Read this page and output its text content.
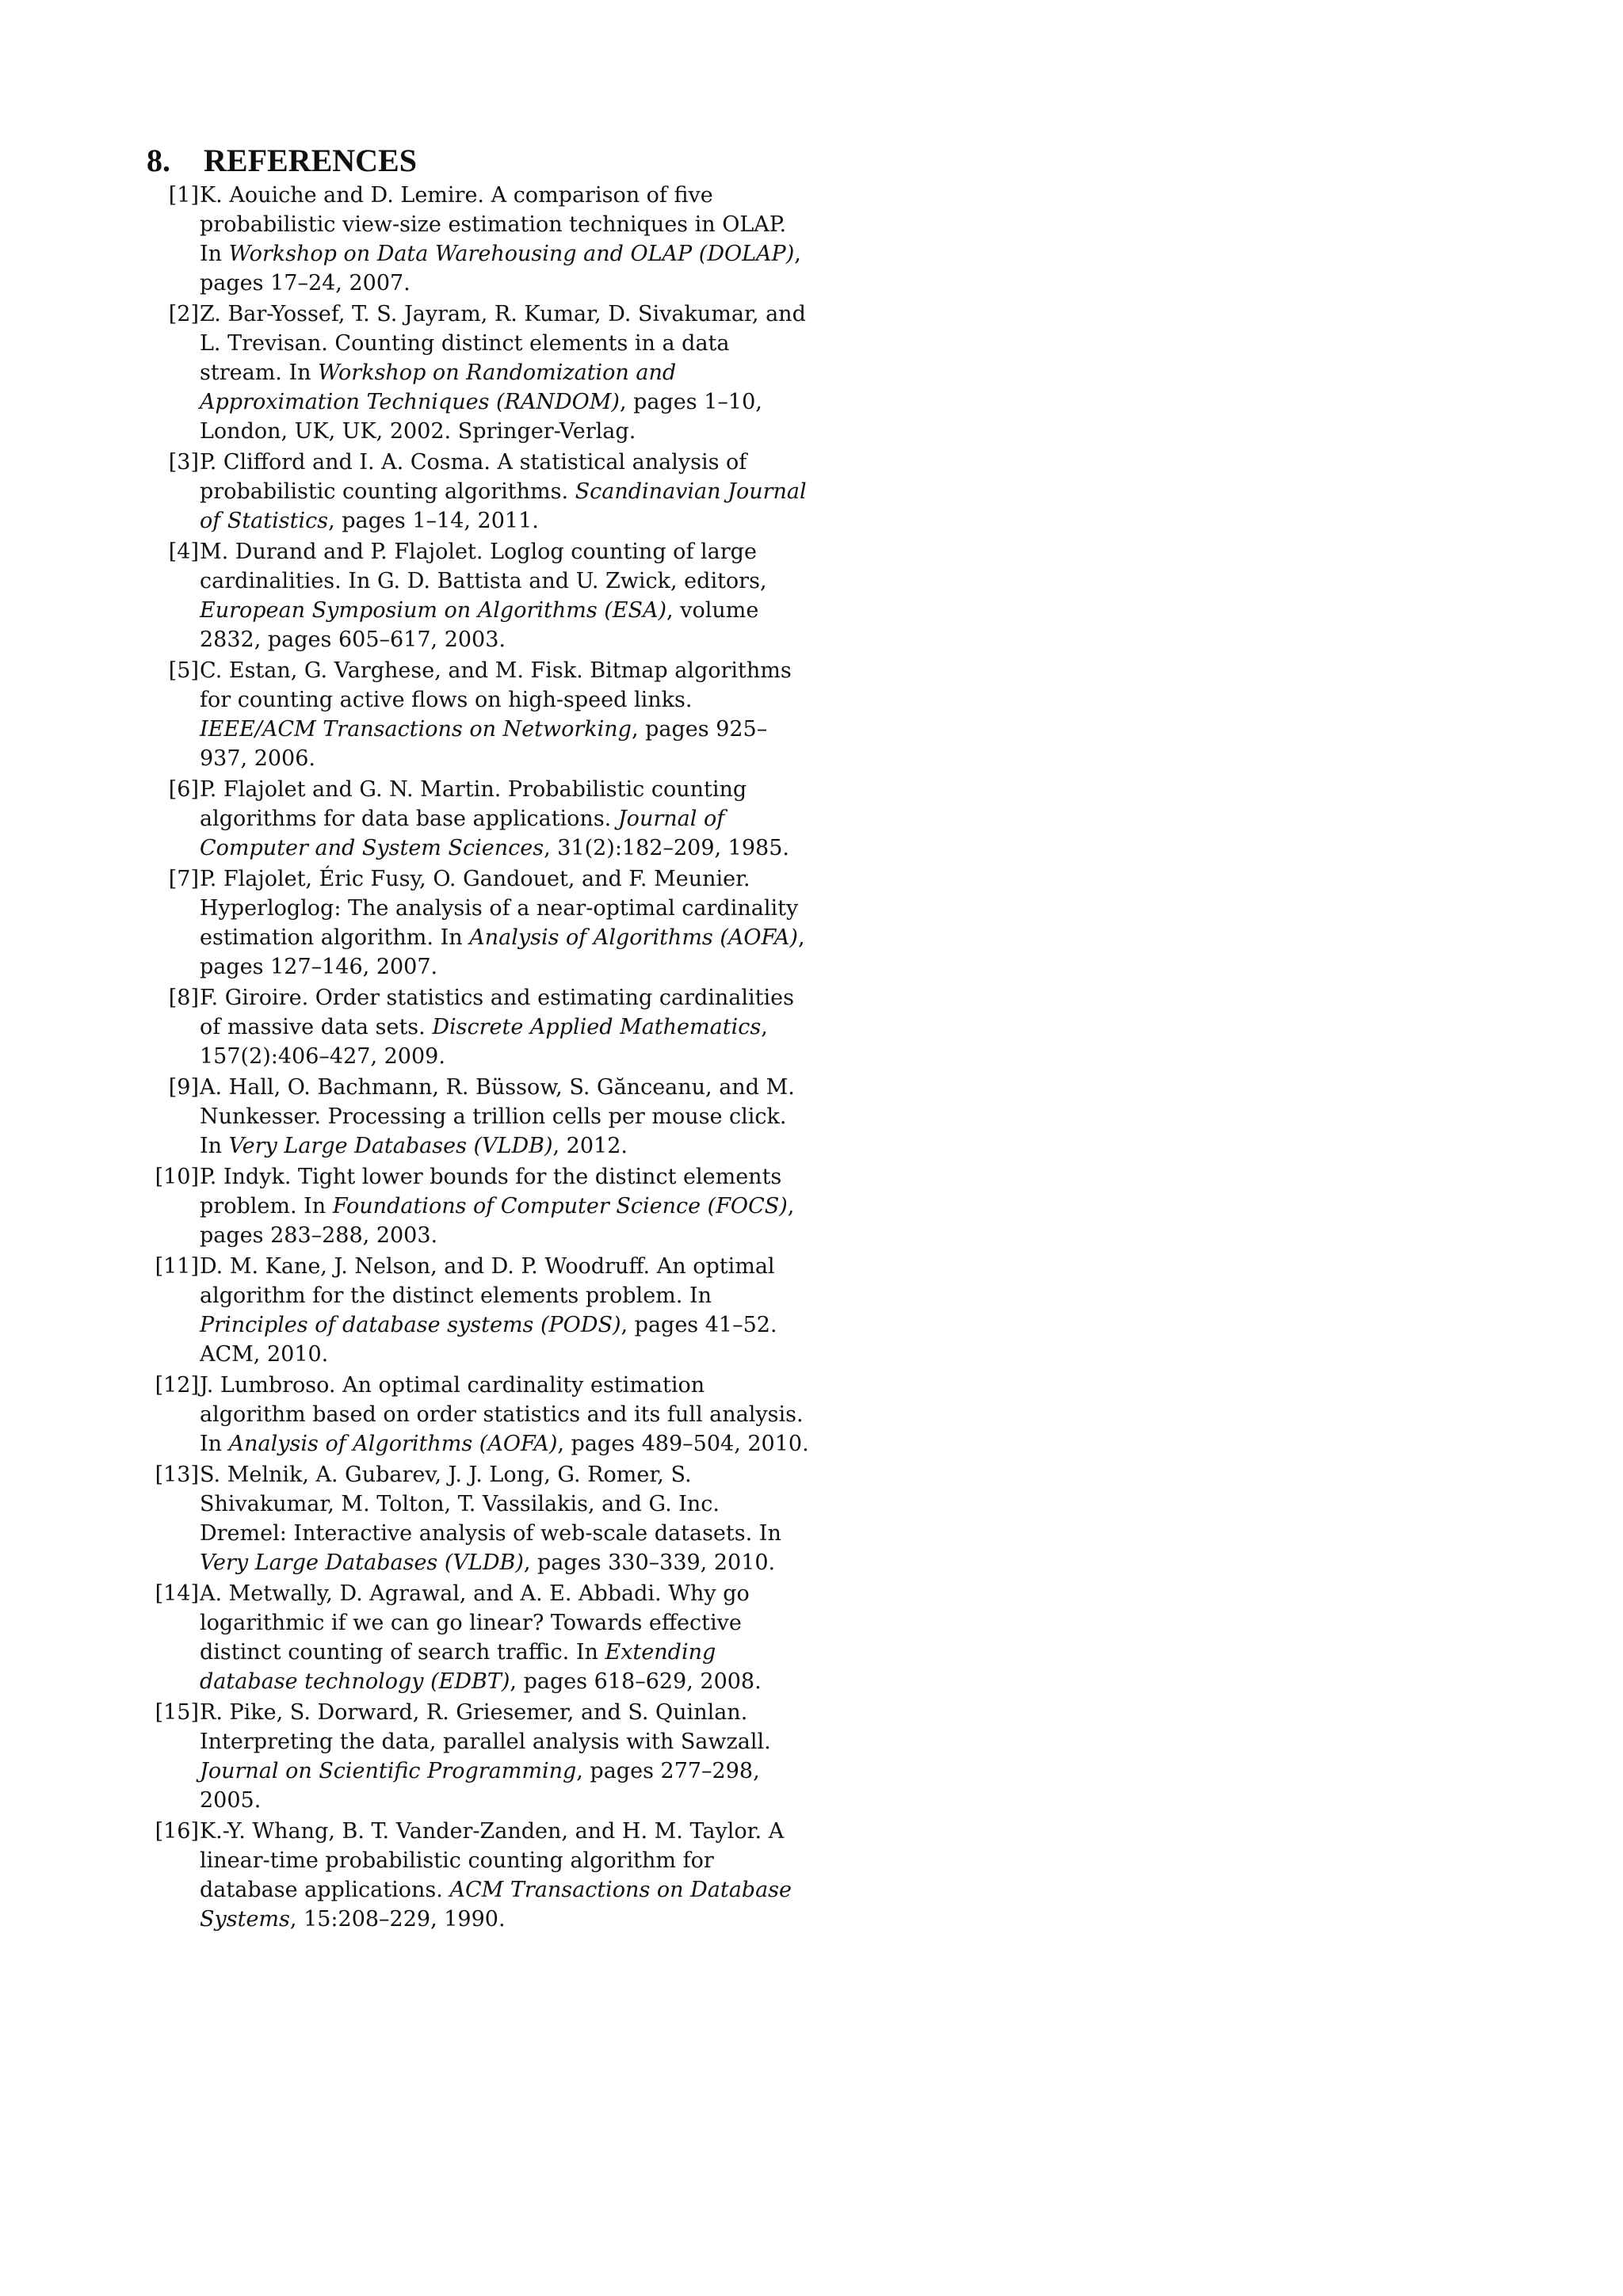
8.	REFERENCES
[1] K. Aouiche and D. Lemire. A comparison of five probabilistic view-size estimation techniques in OLAP. In Workshop on Data Warehousing and OLAP (DOLAP), pages 17–24, 2007.
[2] Z. Bar-Yossef, T. S. Jayram, R. Kumar, D. Sivakumar, and L. Trevisan. Counting distinct elements in a data stream. In Workshop on Randomization and Approximation Techniques (RANDOM), pages 1–10, London, UK, UK, 2002. Springer-Verlag.
[3] P. Clifford and I. A. Cosma. A statistical analysis of probabilistic counting algorithms. Scandinavian Journal of Statistics, pages 1–14, 2011.
[4] M. Durand and P. Flajolet. Loglog counting of large cardinalities. In G. D. Battista and U. Zwick, editors, European Symposium on Algorithms (ESA), volume 2832, pages 605–617, 2003.
[5] C. Estan, G. Varghese, and M. Fisk. Bitmap algorithms for counting active flows on high-speed links. IEEE/ACM Transactions on Networking, pages 925–937, 2006.
[6] P. Flajolet and G. N. Martin. Probabilistic counting algorithms for data base applications. Journal of Computer and System Sciences, 31(2):182–209, 1985.
[7] P. Flajolet, Éric Fusy, O. Gandouet, and F. Meunier. Hyperloglog: The analysis of a near-optimal cardinality estimation algorithm. In Analysis of Algorithms (AOFA), pages 127–146, 2007.
[8] F. Giroire. Order statistics and estimating cardinalities of massive data sets. Discrete Applied Mathematics, 157(2):406–427, 2009.
[9] A. Hall, O. Bachmann, R. Büssow, S. Gănceanu, and M. Nunkesser. Processing a trillion cells per mouse click. In Very Large Databases (VLDB), 2012.
[10] P. Indyk. Tight lower bounds for the distinct elements problem. In Foundations of Computer Science (FOCS), pages 283–288, 2003.
[11] D. M. Kane, J. Nelson, and D. P. Woodruff. An optimal algorithm for the distinct elements problem. In Principles of database systems (PODS), pages 41–52. ACM, 2010.
[12] J. Lumbroso. An optimal cardinality estimation algorithm based on order statistics and its full analysis. In Analysis of Algorithms (AOFA), pages 489–504, 2010.
[13] S. Melnik, A. Gubarev, J. J. Long, G. Romer, S. Shivakumar, M. Tolton, T. Vassilakis, and G. Inc. Dremel: Interactive analysis of web-scale datasets. In Very Large Databases (VLDB), pages 330–339, 2010.
[14] A. Metwally, D. Agrawal, and A. E. Abbadi. Why go logarithmic if we can go linear? Towards effective distinct counting of search traffic. In Extending database technology (EDBT), pages 618–629, 2008.
[15] R. Pike, S. Dorward, R. Griesemer, and S. Quinlan. Interpreting the data, parallel analysis with Sawzall. Journal on Scientific Programming, pages 277–298, 2005.
[16] K.-Y. Whang, B. T. Vander-Zanden, and H. M. Taylor. A linear-time probabilistic counting algorithm for database applications. ACM Transactions on Database Systems, 15:208–229, 1990.
